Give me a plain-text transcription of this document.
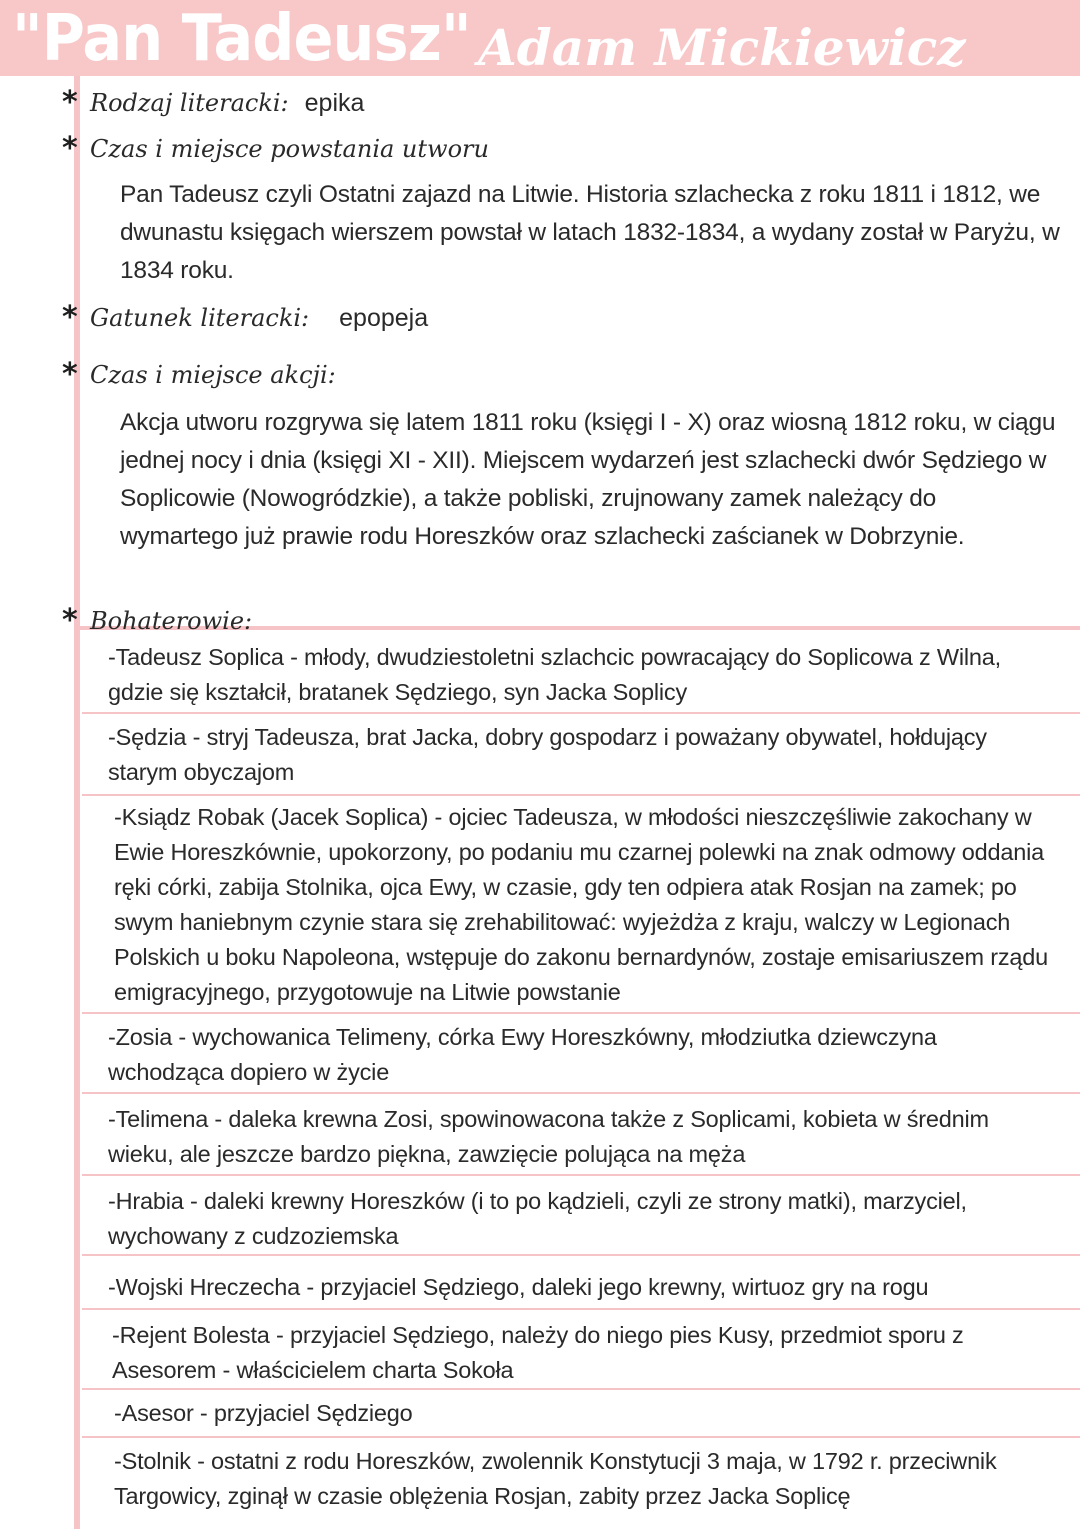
"Pan Tadeusz" Adam Mickiewicz
* Rodzaj literacki: epika
* Czas i miejsce powstania utworu
Pan Tadeusz czyli Ostatni zajazd na Litwie. Historia szlachecka z roku 1811 i 1812, we dwunastu księgach wierszem powstał w latach 1832-1834, a wydany został w Paryżu, w 1834 roku.
* Gatunek literacki: epopeja
* Czas i miejsce akcji:
Akcja utworu rozgrywa się latem 1811 roku (księgi I - X) oraz wiosną 1812 roku, w ciągu jednej nocy i dnia (księgi XI - XII). Miejscem wydarzeń jest szlachecki dwór Sędziego w Soplicowie (Nowogródzkie), a także pobliski, zrujnowany zamek należący do wymartego już prawie rodu Horeszków oraz szlachecki zaścianek w Dobrzynie.
* Bohaterowie:
-Tadeusz Soplica - młody, dwudziestoletni szlachcic powracający do Soplicowa z Wilna, gdzie się kształcił, bratanek Sędziego, syn Jacka Soplicy
-Sędzia - stryj Tadeusza, brat Jacka, dobry gospodarz i poważany obywatel, hołdujący starym obyczajom
-Ksiądz Robak (Jacek Soplica) - ojciec Tadeusza, w młodości nieszczęśliwie zakochany w Ewie Horeszkównie, upokorzony, po podaniu mu czarnej polewki na znak odmowy oddania ręki córki, zabija Stolnika, ojca Ewy, w czasie, gdy ten odpiera atak Rosjan na zamek; po swym haniebnym czynie stara się zrehabilitować: wyjeżdża z kraju, walczy w Legionach Polskich u boku Napoleona, wstępuje do zakonu bernardynów, zostaje emisariuszem rządu emigracyjnego, przygotowuje na Litwie powstanie
-Zosia - wychowanica Telimeny, córka Ewy Horeszkówny, młodziutka dziewczyna wchodząca dopiero w życie
-Telimena - daleka krewna Zosi, spowinowacona także z Soplicami, kobieta w średnim wieku, ale jeszcze bardzo piękna, zawzięcie polująca na męża
-Hrabia - daleki krewny Horeszków (i to po kądzieli, czyli ze strony matki), marzyciel, wychowany z cudzoziemska
-Wojski Hreczecha - przyjaciel Sędziego, daleki jego krewny, wirtuoz gry na rogu
-Rejent Bolesta - przyjaciel Sędziego, należy do niego pies Kusy, przedmiot sporu z Asesorem - właścicielem charta Sokoła
-Asesor - przyjaciel Sędziego
-Stolnik - ostatni z rodu Horeszków, zwolennik Konstytucji 3 maja, w 1792 r. przeciwnik Targowicy, zginął w czasie oblężenia Rosjan, zabity przez Jacka Soplicę
